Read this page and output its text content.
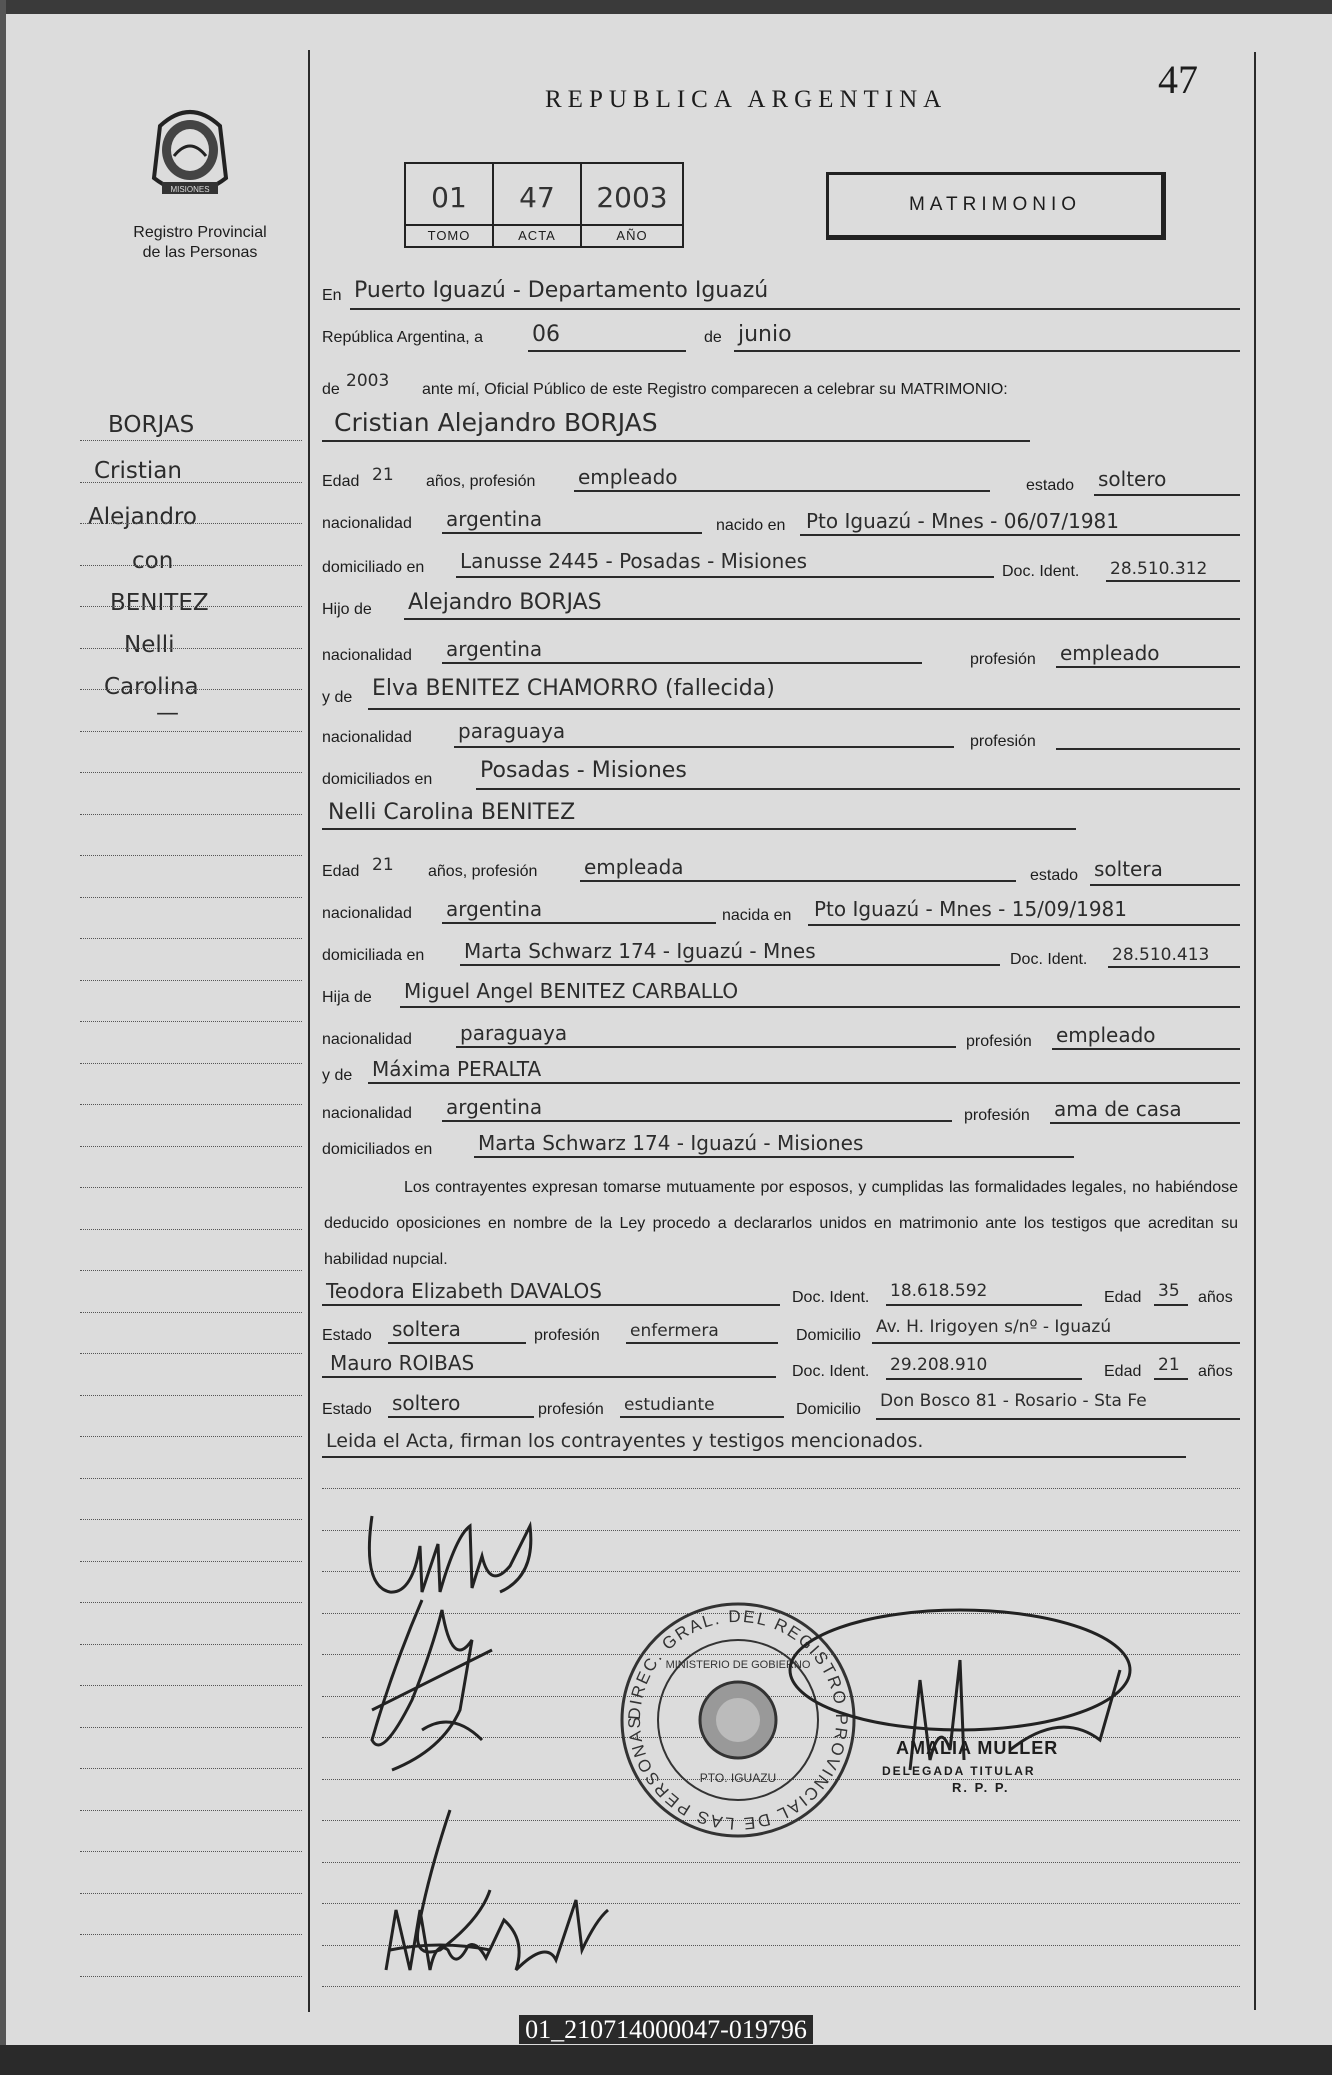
47
REPUBLICA ARGENTINA
MISIONES
Registro Provincial
de las Personas
01
TOMO
47
ACTA
2003
AÑO
MATRIMONIO
BORJAS
Cristian
Alejandro
con
BENITEZ
Nelli
Carolina
—
En Puerto Iguazú - Departamento Iguazú
República Argentina, a 06	de junio
de 2003 ante mí, Oficial Público de este Registro comparecen a celebrar su MATRIMONIO:
Cristian Alejandro BORJAS
Edad 21 años, profesión empleado	estado soltero
nacionalidad argentina	nacido en Pto Iguazú - Mnes - 06/07/1981
domiciliado en Lanusse 2445 - Posadas - Misiones	Doc. Ident. 28.510.312
Hijo de Alejandro BORJAS
nacionalidad argentina	profesión empleado
y de Elva BENITEZ CHAMORRO (fallecida)
nacionalidad paraguaya	profesión
domiciliados en Posadas - Misiones
Nelli Carolina BENITEZ
Edad 21 años, profesión empleada	estado soltera
nacionalidad argentina	nacida en Pto Iguazú - Mnes - 15/09/1981
domiciliada en Marta Schwarz 174 - Iguazú - Mnes	Doc. Ident. 28.510.413
Hija de Miguel Angel BENITEZ CARBALLO
nacionalidad paraguaya	profesión empleado
y de Máxima PERALTA
nacionalidad argentina	profesión ama de casa
domiciliados en Marta Schwarz 174 - Iguazú - Misiones
Los contrayentes expresan tomarse mutuamente por esposos, y cumplidas las formalidades legales, no habiéndose deducido oposiciones en nombre de la Ley procedo a declararlos unidos en matrimonio ante los testigos que acreditan su habilidad nupcial.
Teodora Elizabeth DAVALOS	Doc. Ident. 18.618.592	Edad 35 años
Estado soltera	profesión enfermera	Domicilio Av. H. Irigoyen s/nº - Iguazú
Mauro ROIBAS	Doc. Ident. 29.208.910	Edad 21 años
Estado soltero	profesión estudiante	Domicilio Don Bosco 81 - Rosario - Sta Fe
Leida el Acta, firman los contrayentes y testigos mencionados.
DIREC. GRAL. DEL REGISTRO PROVINCIAL DE LAS PERSONAS
MINISTERIO DE GOBIERNO
PTO. IGUAZU
AMALIA MULLER
DELEGADA TITULAR
R. P. P.
01_210714000047-019796
